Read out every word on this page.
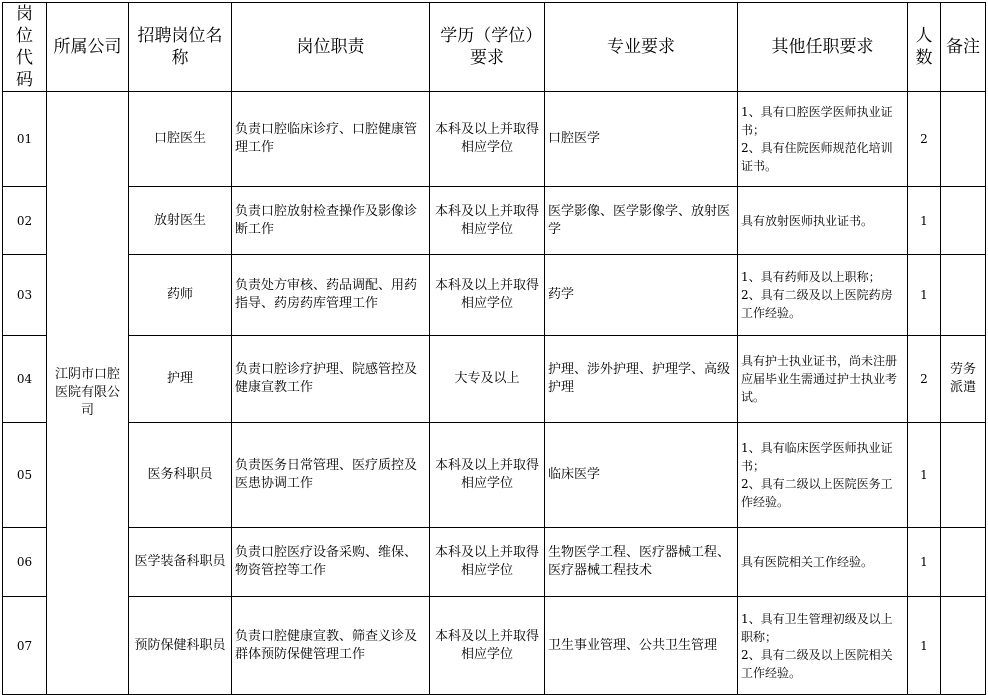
岗位代码	所属公司	招聘岗位名称	岗位职责	学历（学位）要求	专业要求	其他任职要求	人数	备注
01	江阴市口腔医院有限公司	口腔医生	负责口腔临床诊疗、口腔健康管理工作	本科及以上并取得相应学位	口腔医学	1、具有口腔医学医师执业证书；
2、具有住院医师规范化培训证书。	2	
02		放射医生	负责口腔放射检查操作及影像诊断工作	本科及以上并取得相应学位	医学影像、医学影像学、放射医学	具有放射医师执业证书。	1	
03		药师	负责处方审核、药品调配、用药指导、药房药库管理工作	本科及以上并取得相应学位	药学	1、具有药师及以上职称；
2、具有二级及以上医院药房工作经验。	1	
04		护理	负责口腔诊疗护理、院感管控及健康宣教工作	大专及以上	护理、涉外护理、护理学、高级护理	具有护士执业证书，尚未注册应届毕业生需通过护士执业考试。	2	劳务派遣
05		医务科职员	负责医务日常管理、医疗质控及医患协调工作	本科及以上并取得相应学位	临床医学	1、具有临床医学医师执业证书；
2、具有二级以上医院医务工作经验。	1	
06		医学装备科职员	负责口腔医疗设备采购、维保、物资管控等工作	本科及以上并取得相应学位	生物医学工程、医疗器械工程、医疗器械工程技术	具有医院相关工作经验。	1	
07		预防保健科职员	负责口腔健康宣教、筛查义诊及群体预防保健管理工作	本科及以上并取得相应学位	卫生事业管理、公共卫生管理	1、具有卫生管理初级及以上职称；
2、具有二级及以上医院相关工作经验。	1	
